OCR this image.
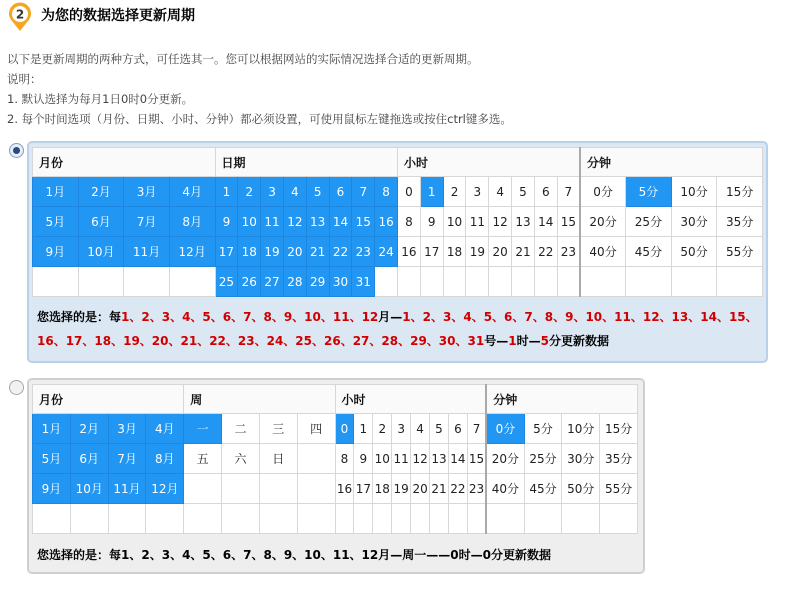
2 为您的数据选择更新周期
以下是更新周期的两种方式，可任选其一。您可以根据网站的实际情况选择合适的更新周期。
说明：
1. 默认选择为每月1日0时0分更新。
2. 每个时间选项（月份、日期、小时、分钟）都必须设置，可使用鼠标左键拖选或按住ctrl键多选。
月份				日期								小时								分钟			
1月	2月	3月	4月	1	2	3	4	5	6	7	8	0	1	2	3	4	5	6	7	0分	5分	10分	15分
5月	6月	7月	8月	9	10	11	12	13	14	15	16	8	9	10	11	12	13	14	15	20分	25分	30分	35分
9月	10月	11月	12月	17	18	19	20	21	22	23	24	16	17	18	19	20	21	22	23	40分	45分	50分	55分
				25	26	27	28	29	30	31													
您选择的是：每1、2、3、4、5、6、7、8、9、10、11、12月—1、2、3、4、5、6、7、8、9、10、11、12、13、14、15、16、17、18、19、20、21、22、23、24、25、26、27、28、29、30、31号—1时—5分更新数据
月份				周				小时								分钟			
1月	2月	3月	4月	一	二	三	四	0	1	2	3	4	5	6	7	0分	5分	10分	15分
5月	6月	7月	8月	五	六	日		8	9	10	11	12	13	14	15	20分	25分	30分	35分
9月	10月	11月	12月					16	17	18	19	20	21	22	23	40分	45分	50分	55分

您选择的是：每1、2、3、4、5、6、7、8、9、10、11、12月—周一——0时—0分更新数据
